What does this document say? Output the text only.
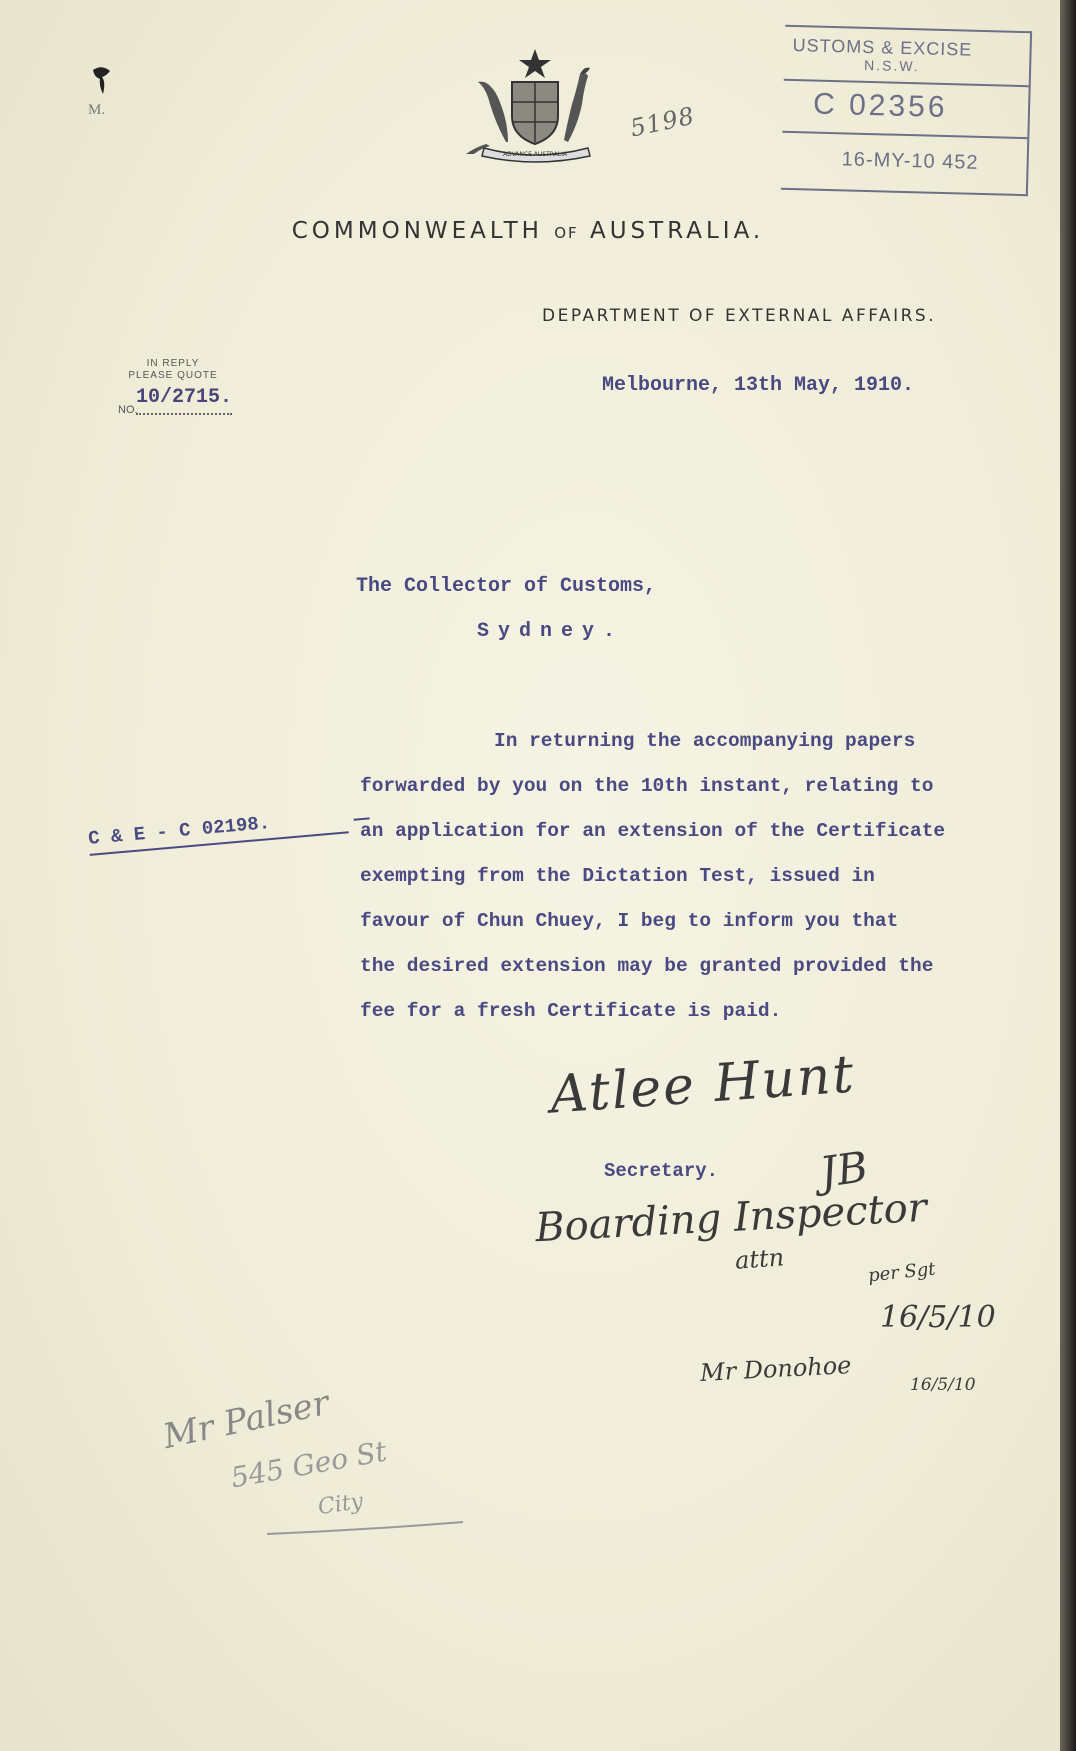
M.
ADVANCE AUSTRALIA
5198
USTOMS & EXCISE
N.S.W.
C 02356
16-MY-10 452
COMMONWEALTH OF AUSTRALIA.
DEPARTMENT OF EXTERNAL AFFAIRS.
IN REPLY
PLEASE QUOTE
10/2715.
NO.
Melbourne, 13th May, 1910.
The Collector of Customs,
Sydney.
In returning the accompanying papers
forwarded by you on the 10th instant, relating to
an application for an extension of the Certificate
exempting from the Dictation Test, issued in
favour of Chun Chuey, I beg to inform you that
the desired extension may be granted provided the
fee for a fresh Certificate is paid.
C & E - C 02198.
Atlee Hunt
Secretary. JB
Boarding Inspector
attn	per Sgt
16/5/10
Mr Donohoe	16/5/10
Mr Palser
545 Geo St
City
